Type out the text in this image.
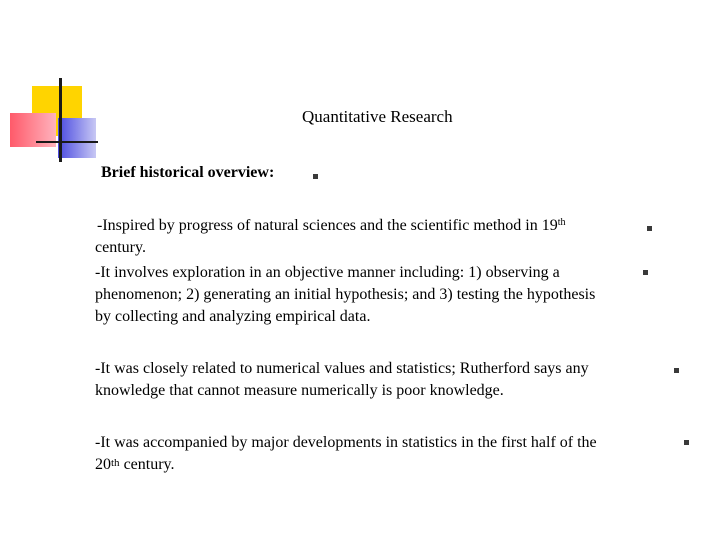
Quantitative Research
Brief historical overview:
-Inspired by progress of natural sciences and the scientific method in 19th
century.
-It involves exploration in an objective manner including: 1) observing a
phenomenon; 2) generating an initial hypothesis; and 3) testing the hypothesis
by collecting and analyzing empirical data.
-It was closely related to numerical values and statistics; Rutherford says any
knowledge that cannot measure numerically is poor knowledge.
-It was accompanied by major developments in statistics in the first half of the
20th century.
